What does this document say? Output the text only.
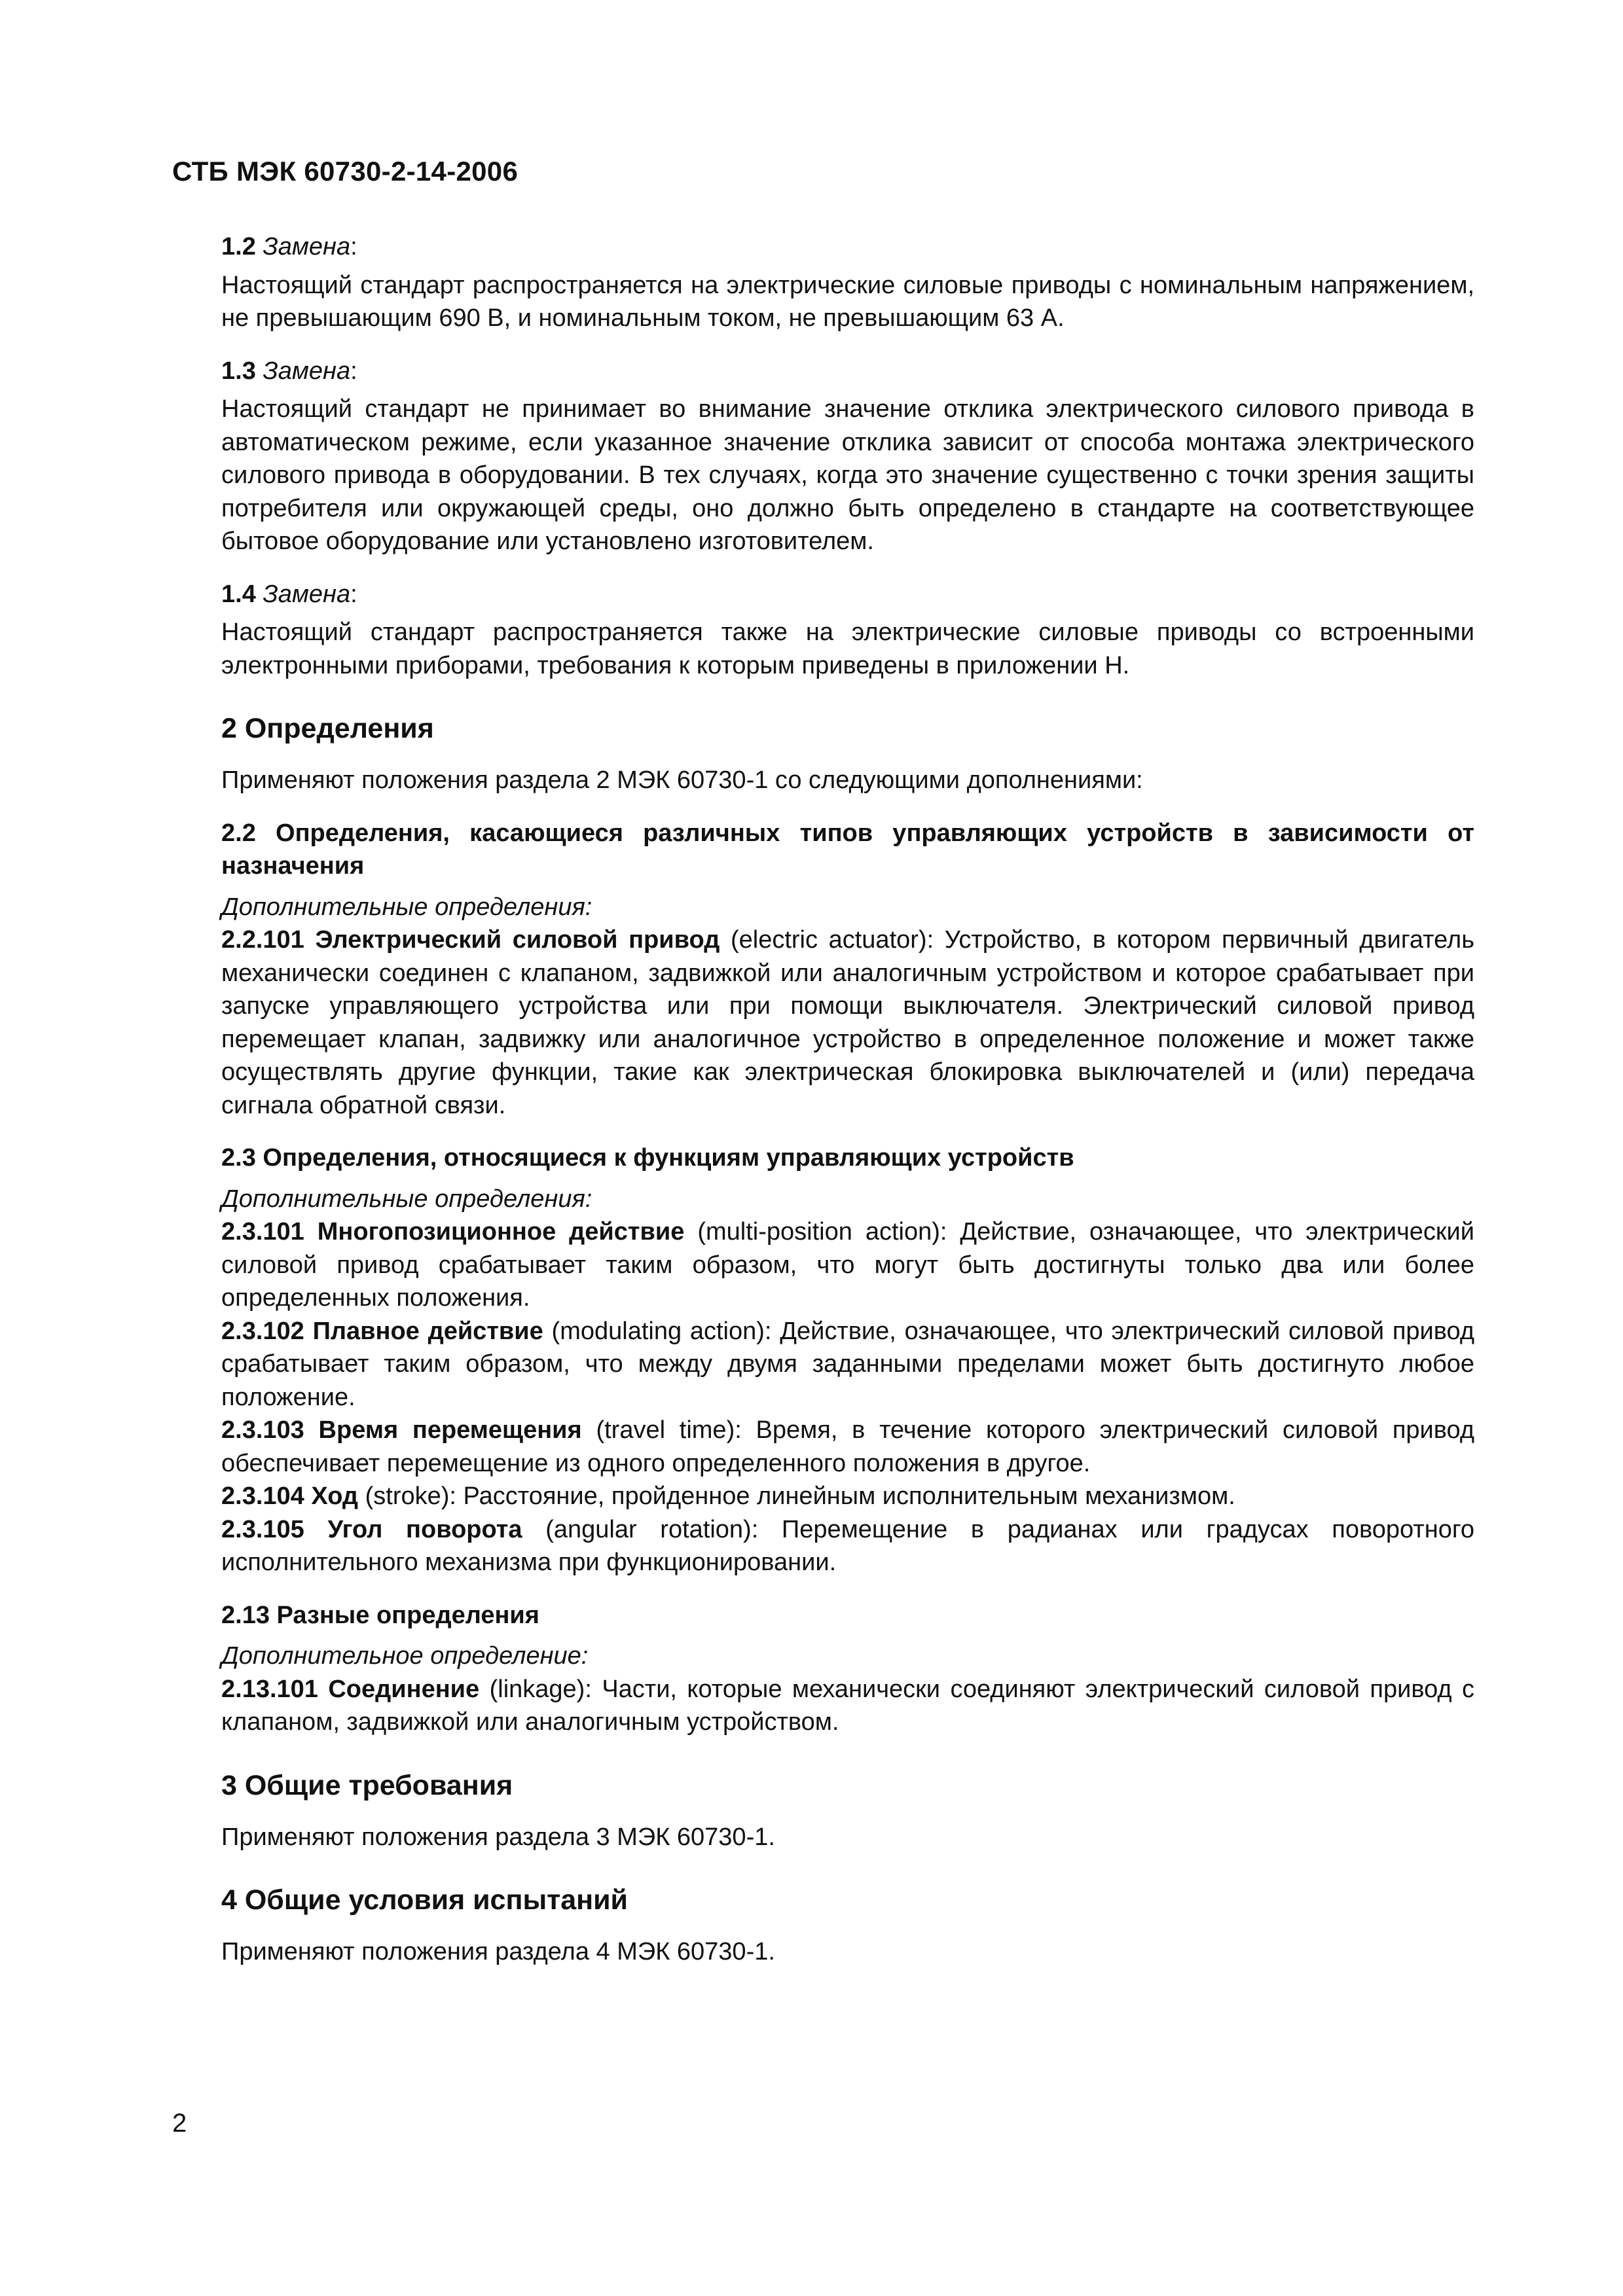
СТБ МЭК 60730-2-14-2006

1.2 Замена:

Настоящий стандарт распространяется на электрические силовые приводы с номинальным напряжением, не превышающим 690 В, и номинальным током, не превышающим 63 А.

1.3 Замена:

Настоящий стандарт не принимает во внимание значение отклика электрического силового привода в автоматическом режиме, если указанное значение отклика зависит от способа монтажа электрического силового привода в оборудовании. В тех случаях, когда это значение существенно с точки зрения защиты потребителя или окружающей среды, оно должно быть определено в стандарте на соответствующее бытовое оборудование или установлено изготовителем.

1.4 Замена:

Настоящий стандарт распространяется также на электрические силовые приводы со встроенными электронными приборами, требования к которым приведены в приложении Н.

2 Определения

Применяют положения раздела 2 МЭК 60730-1 со следующими дополнениями:

2.2 Определения, касающиеся различных типов управляющих устройств в зависимости от назначения

Дополнительные определения:

2.2.101 Электрический силовой привод (electric actuator): Устройство, в котором первичный двигатель механически соединен с клапаном, задвижкой или аналогичным устройством и которое срабатывает при запуске управляющего устройства или при помощи выключателя. Электрический силовой привод перемещает клапан, задвижку или аналогичное устройство в определенное положение и может также осуществлять другие функции, такие как электрическая блокировка выключателей и (или) передача сигнала обратной связи.

2.3 Определения, относящиеся к функциям управляющих устройств

Дополнительные определения:

2.3.101 Многопозиционное действие (multi-position action): Действие, означающее, что электрический силовой привод срабатывает таким образом, что могут быть достигнуты только два или более определенных положения.

2.3.102 Плавное действие (modulating action): Действие, означающее, что электрический силовой привод срабатывает таким образом, что между двумя заданными пределами может быть достигнуто любое положение.

2.3.103 Время перемещения (travel time): Время, в течение которого электрический силовой привод обеспечивает перемещение из одного определенного положения в другое.

2.3.104 Ход (stroke): Расстояние, пройденное линейным исполнительным механизмом.

2.3.105 Угол поворота (angular rotation): Перемещение в радианах или градусах поворотного исполнительного механизма при функционировании.

2.13 Разные определения

Дополнительное определение:

2.13.101 Соединение (linkage): Части, которые механически соединяют электрический силовой привод с клапаном, задвижкой или аналогичным устройством.

3 Общие требования

Применяют положения раздела 3 МЭК 60730-1.

4 Общие условия испытаний

Применяют положения раздела 4 МЭК 60730-1.

2
